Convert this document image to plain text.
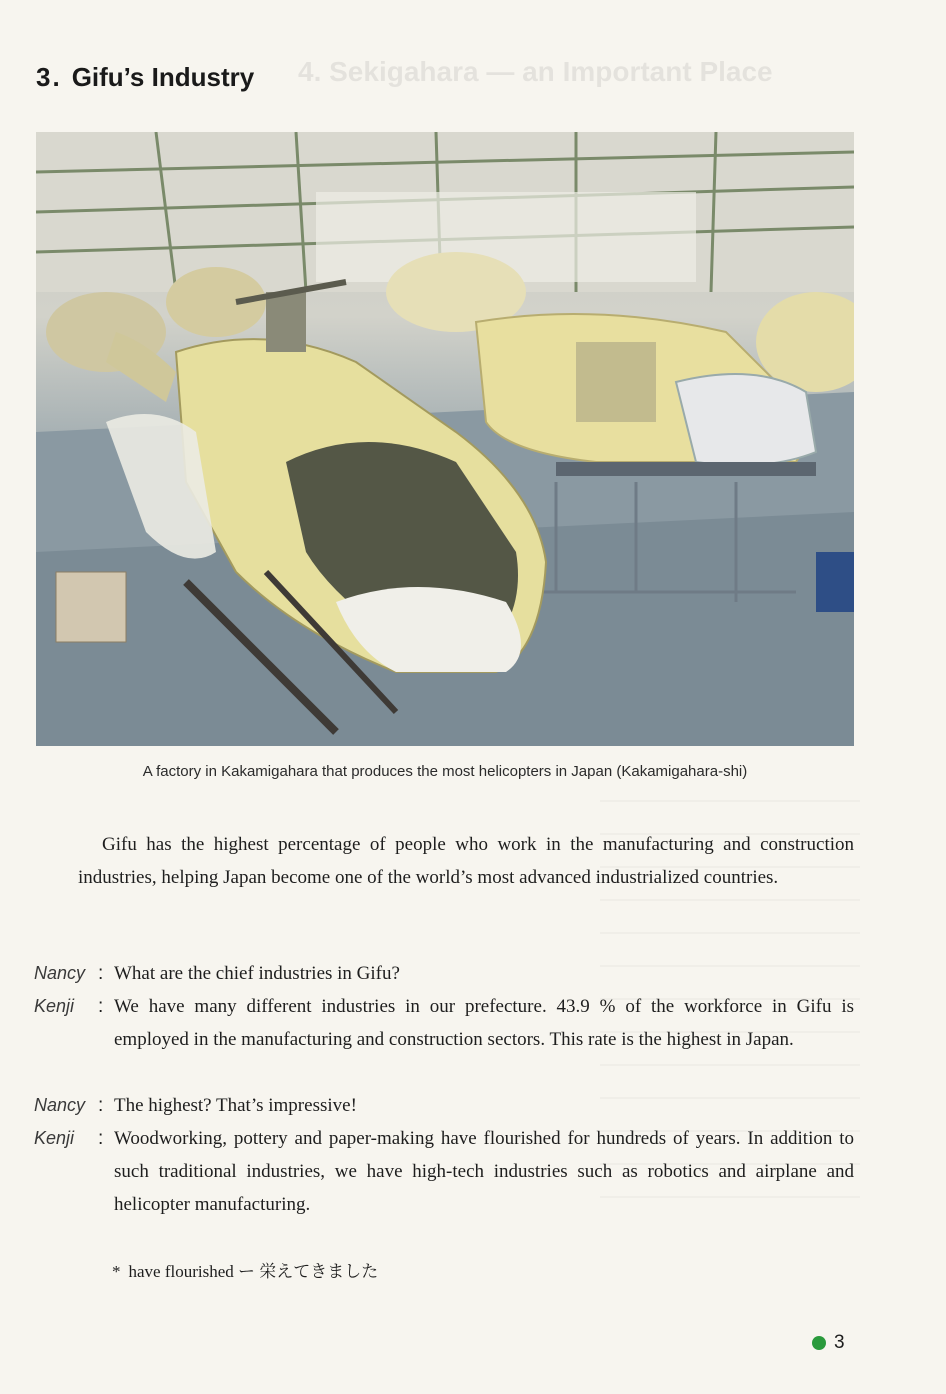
4. Sekigahara — an Important Place
3. Gifu’s Industry
A factory in Kakamigahara that produces the most helicopters in Japan (Kakamigahara-shi)

Gifu has the highest percentage of people who work in the manufacturing and construction industries, helping Japan become one of the world’s most advanced industrialized countries.

Nancy : What are the chief industries in Gifu?
Kenji	: We have many different industries in our prefecture. 43.9 % of the workforce in Gifu is employed in the manufacturing and construction sectors. This rate is the highest in Japan.
Nancy : The highest? That’s impressive!
Kenji	: Woodworking, pottery and paper-making have flourished for hundreds of years. In addition to such traditional industries, we have high-tech industries such as robotics and airplane and helicopter manufacturing.
* have flourished ー 栄えてきました
3
